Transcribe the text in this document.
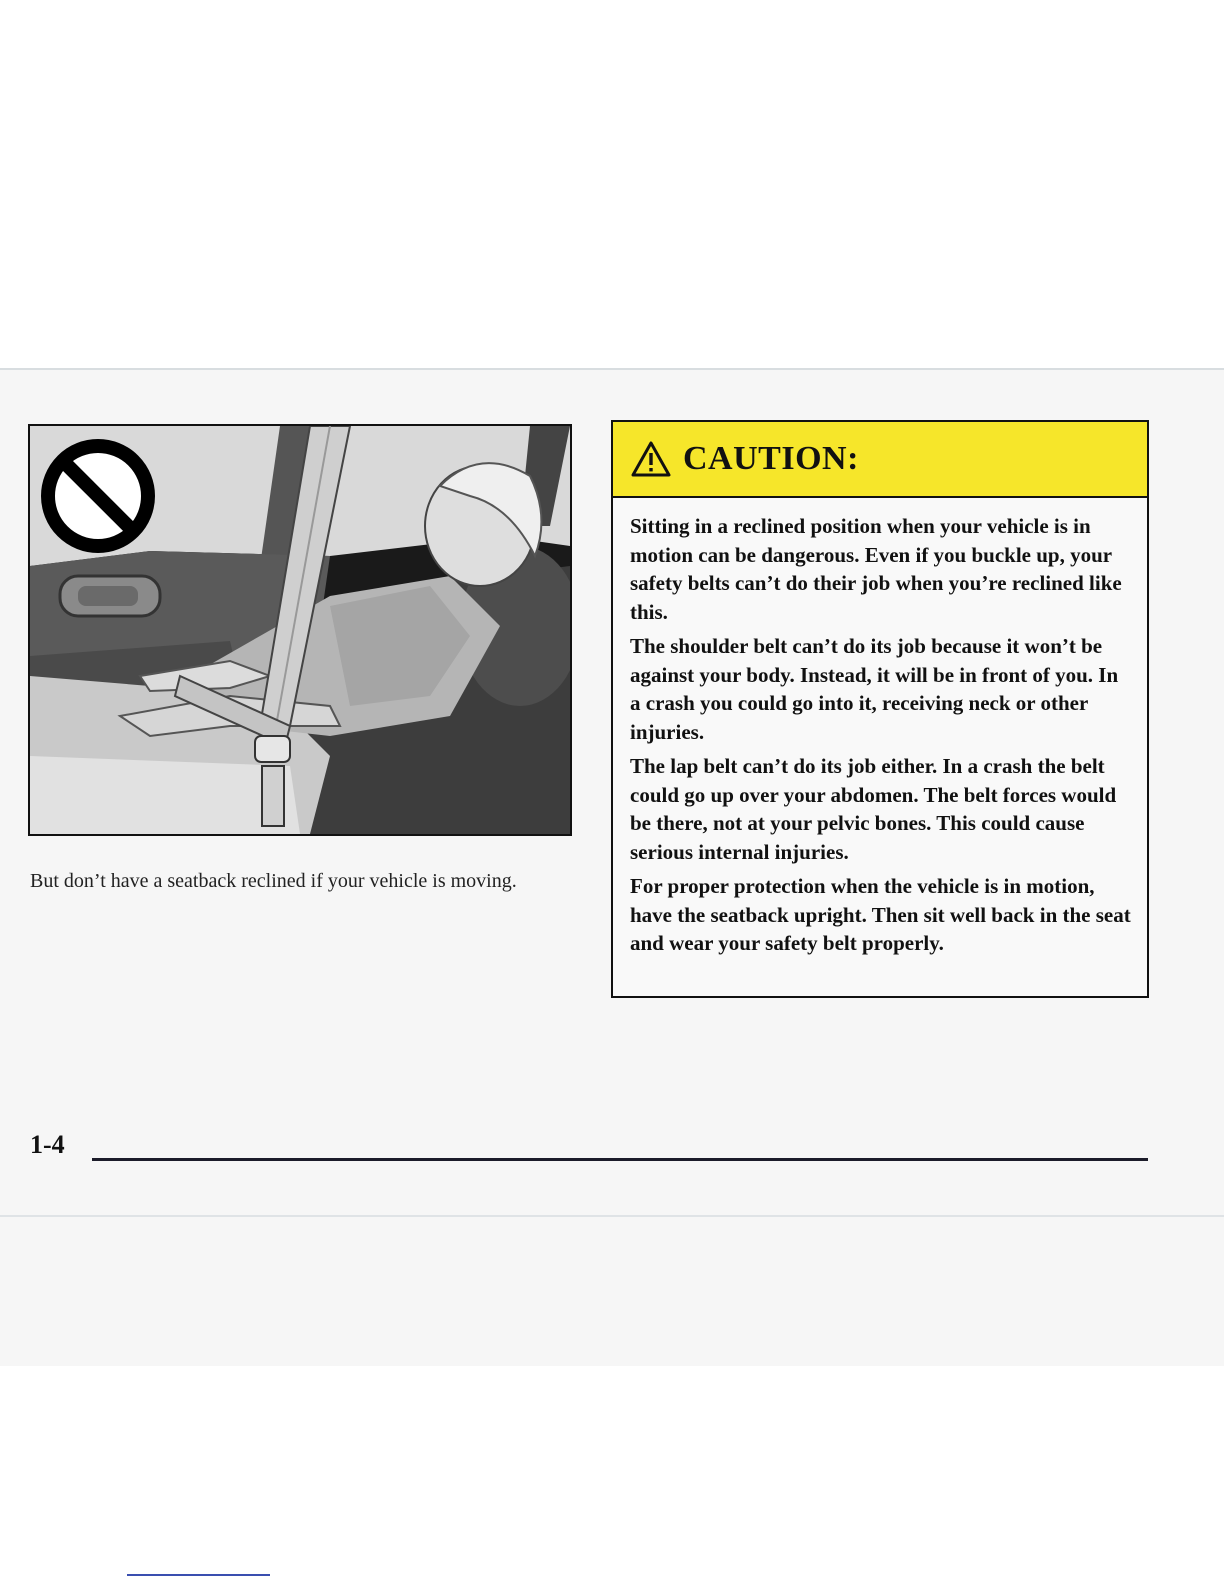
But don’t have a seatback reclined if your vehicle is moving.
CAUTION:

Sitting in a reclined position when your vehicle is in motion can be dangerous. Even if you buckle up, your safety belts can’t do their job when you’re reclined like this.

The shoulder belt can’t do its job because it won’t be against your body. Instead, it will be in front of you. In a crash you could go into it, receiving neck or other injuries.

The lap belt can’t do its job either. In a crash the belt could go up over your abdomen. The belt forces would be there, not at your pelvic bones. This could cause serious internal injuries.

For proper protection when the vehicle is in motion, have the seatback upright. Then sit well back in the seat and wear your safety belt properly.

1-4
